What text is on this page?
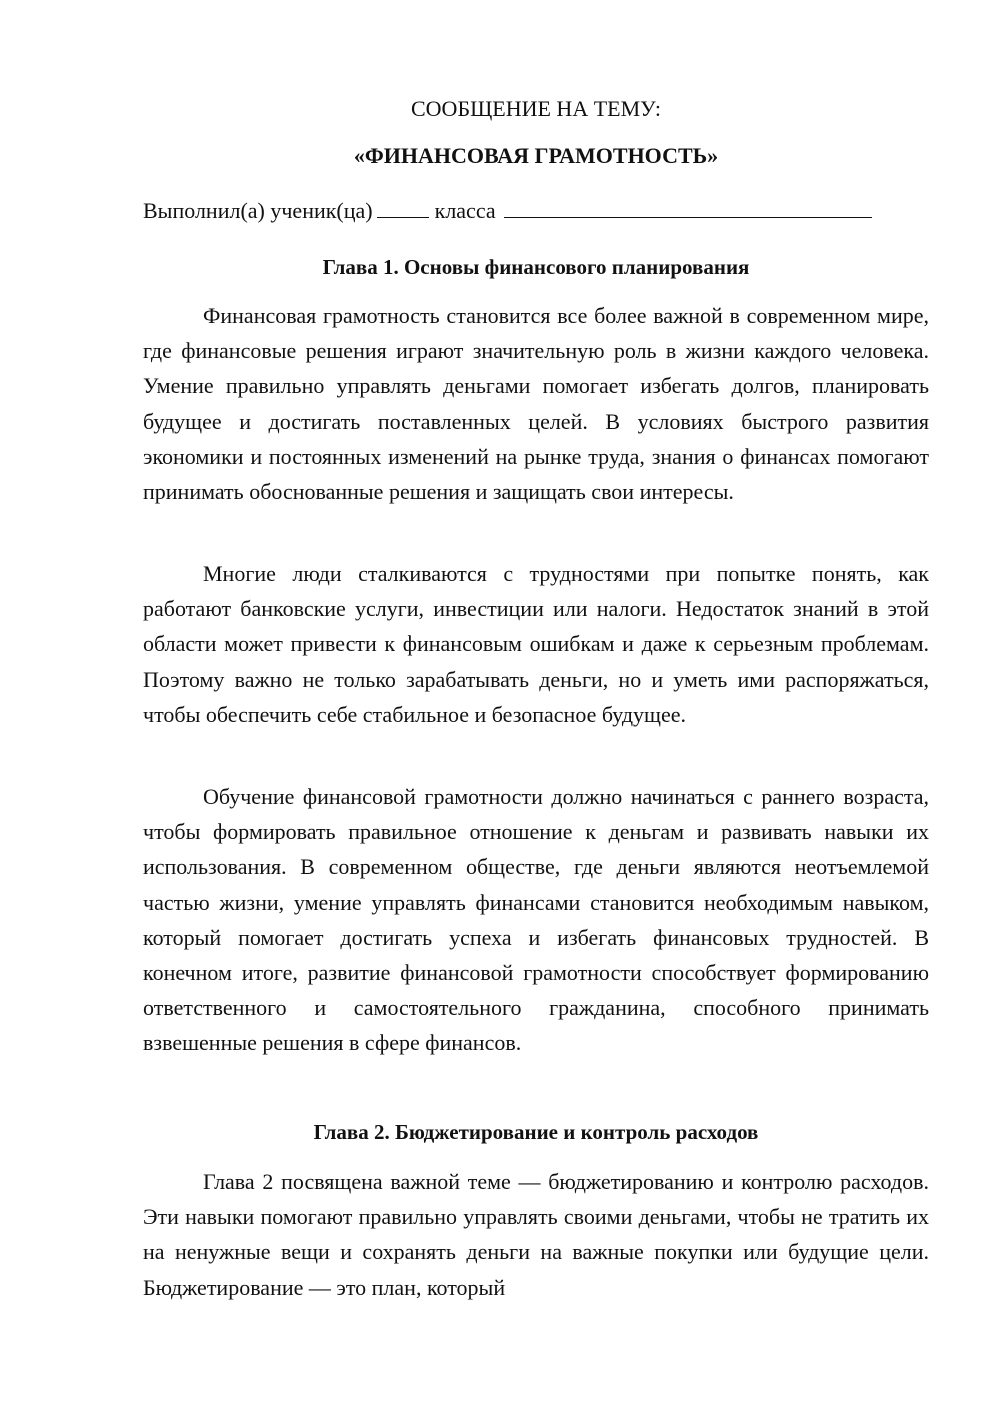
СООБЩЕНИЕ НА ТЕМУ:
«ФИНАНСОВАЯ ГРАМОТНОСТЬ»
Выполнил(а) ученик(ца)	класса
Глава 1. Основы финансового планирования
Финансовая грамотность становится все более важной в современном мире, где финансовые решения играют значительную роль в жизни каждого человека. Умение правильно управлять деньгами помогает избегать долгов, планировать будущее и достигать поставленных целей. В условиях быстрого развития экономики и постоянных изменений на рынке труда, знания о финансах помогают принимать обоснованные решения и защищать свои интересы.
Многие люди сталкиваются с трудностями при попытке понять, как работают банковские услуги, инвестиции или налоги. Недостаток знаний в этой области может привести к финансовым ошибкам и даже к серьезным проблемам. Поэтому важно не только зарабатывать деньги, но и уметь ими распоряжаться, чтобы обеспечить себе стабильное и безопасное будущее.
Обучение финансовой грамотности должно начинаться с раннего возраста, чтобы формировать правильное отношение к деньгам и развивать навыки их использования. В современном обществе, где деньги являются неотъемлемой частью жизни, умение управлять финансами становится необходимым навыком, который помогает достигать успеха и избегать финансовых трудностей. В конечном итоге, развитие финансовой грамотности способствует формированию ответственного и самостоятельного гражданина, способного принимать взвешенные решения в сфере финансов.
Глава 2. Бюджетирование и контроль расходов
Глава 2 посвящена важной теме — бюджетированию и контролю расходов. Эти навыки помогают правильно управлять своими деньгами, чтобы не тратить их на ненужные вещи и сохранять деньги на важные покупки или будущие цели. Бюджетирование — это план, который
